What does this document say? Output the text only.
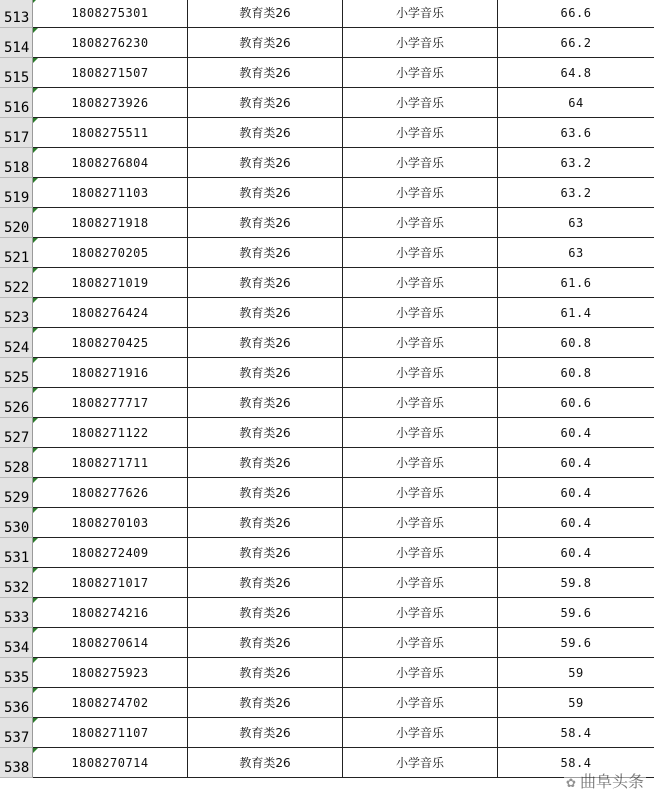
513	1808275301	教育类26	小学音乐	66.6
514	1808276230	教育类26	小学音乐	66.2
515	1808271507	教育类26	小学音乐	64.8
516	1808273926	教育类26	小学音乐	64
517	1808275511	教育类26	小学音乐	63.6
518	1808276804	教育类26	小学音乐	63.2
519	1808271103	教育类26	小学音乐	63.2
520	1808271918	教育类26	小学音乐	63
521	1808270205	教育类26	小学音乐	63
522	1808271019	教育类26	小学音乐	61.6
523	1808276424	教育类26	小学音乐	61.4
524	1808270425	教育类26	小学音乐	60.8
525	1808271916	教育类26	小学音乐	60.8
526	1808277717	教育类26	小学音乐	60.6
527	1808271122	教育类26	小学音乐	60.4
528	1808271711	教育类26	小学音乐	60.4
529	1808277626	教育类26	小学音乐	60.4
530	1808270103	教育类26	小学音乐	60.4
531	1808272409	教育类26	小学音乐	60.4
532	1808271017	教育类26	小学音乐	59.8
533	1808274216	教育类26	小学音乐	59.6
534	1808270614	教育类26	小学音乐	59.6
535	1808275923	教育类26	小学音乐	59
536	1808274702	教育类26	小学音乐	59
537	1808271107	教育类26	小学音乐	58.4
538	1808270714	教育类26	小学音乐	58.4
✿ 曲阜头条
